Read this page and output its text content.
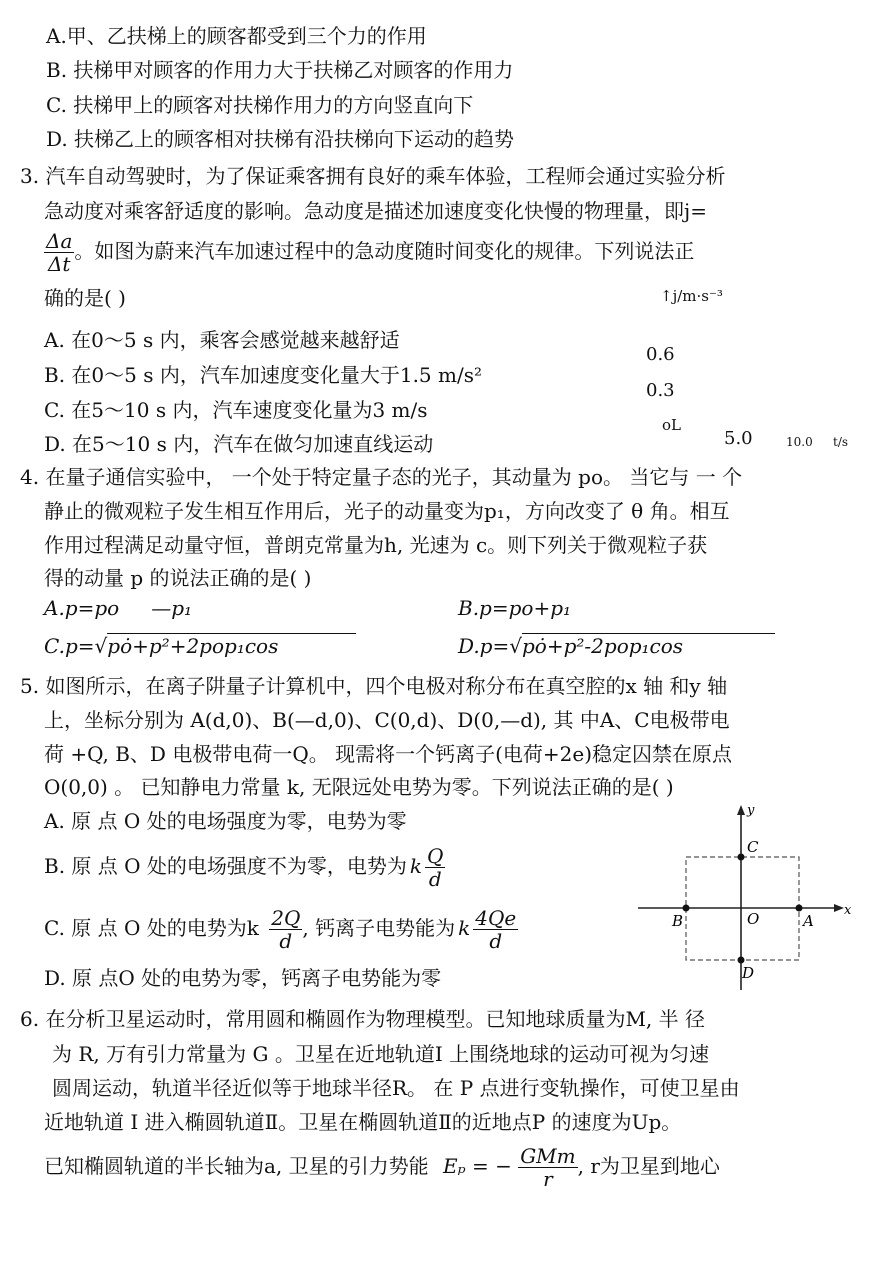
A.甲、乙扶梯上的顾客都受到三个力的作用
B. 扶梯甲对顾客的作用力大于扶梯乙对顾客的作用力
C. 扶梯甲上的顾客对扶梯作用力的方向竖直向下
D. 扶梯乙上的顾客相对扶梯有沿扶梯向下运动的趋势
3. 汽车自动驾驶时，为了保证乘客拥有良好的乘车体验，工程师会通过实验分析
急动度对乘客舒适度的影响。急动度是描述加速度变化快慢的物理量，即j=
$\frac{\Delta a}{\Delta t}$ 。如图为蔚来汽车加速过程中的急动度随时间变化的规律。下列说法正
确的是( )
A. 在0～5 s 内，乘客会感觉越来越舒适
B. 在0～5 s 内，汽车加速度变化量大于1.5 m/s²
C. 在5～10 s 内，汽车速度变化量为3 m/s
D. 在5～10 s 内，汽车在做匀加速直线运动
↑j/m·s⁻³
0.6
0.3
oL
5.0	10.0 t/s
4. 在量子通信实验中， 一个处于特定量子态的光子，其动量为 po。 当它与 一 个
静止的微观粒子发生相互作用后，光子的动量变为p₁，方向改变了 θ 角。相互
作用过程满足动量守恒，普朗克常量为h, 光速为 c。则下列关于微观粒子获
得的动量 p 的说法正确的是( )
A.p=po —p₁	B.p=po+p₁
C.p=√pȯ+p²+2pop₁cos	D.p=√pȯ+p²-2pop₁cos
5. 如图所示，在离子阱量子计算机中，四个电极对称分布在真空腔的x 轴 和y 轴
上，坐标分别为 A(d,0)、B(—d,0)、C(0,d)、D(0,—d), 其 中A、C电极带电
荷 +Q, B、D 电极带电荷一Q。 现需将一个钙离子(电荷+2e)稳定囚禁在原点
O(0,0) 。 已知静电力常量 k, 无限远处电势为零。下列说法正确的是( )
A. 原 点 O 处的电场强度为零，电势为零
B. 原 点 O 处的电场强度不为零，电势为 k $\frac{Q}{d}$
C. 原 点 O 处的电势为k $\frac{2Q}{d}$ , 钙离子电势能为 k $\frac{4Qe}{d}$
D. 原 点O 处的电势为零，钙离子电势能为零
y
x
C
B	O	A
D
6. 在分析卫星运动时，常用圆和椭圆作为物理模型。已知地球质量为M, 半 径
为 R, 万有引力常量为 G 。卫星在近地轨道I 上围绕地球的运动可视为匀速
圆周运动，轨道半径近似等于地球半径R。 在 P 点进行变轨操作，可使卫星由
近地轨道 I 进入椭圆轨道Ⅱ。卫星在椭圆轨道Ⅱ的近地点P 的速度为Up。
已知椭圆轨道的半长轴为a, 卫星的引力势能 Eₚ = − $\frac{\text{GMm}}{r}$ , r为卫星到地心
